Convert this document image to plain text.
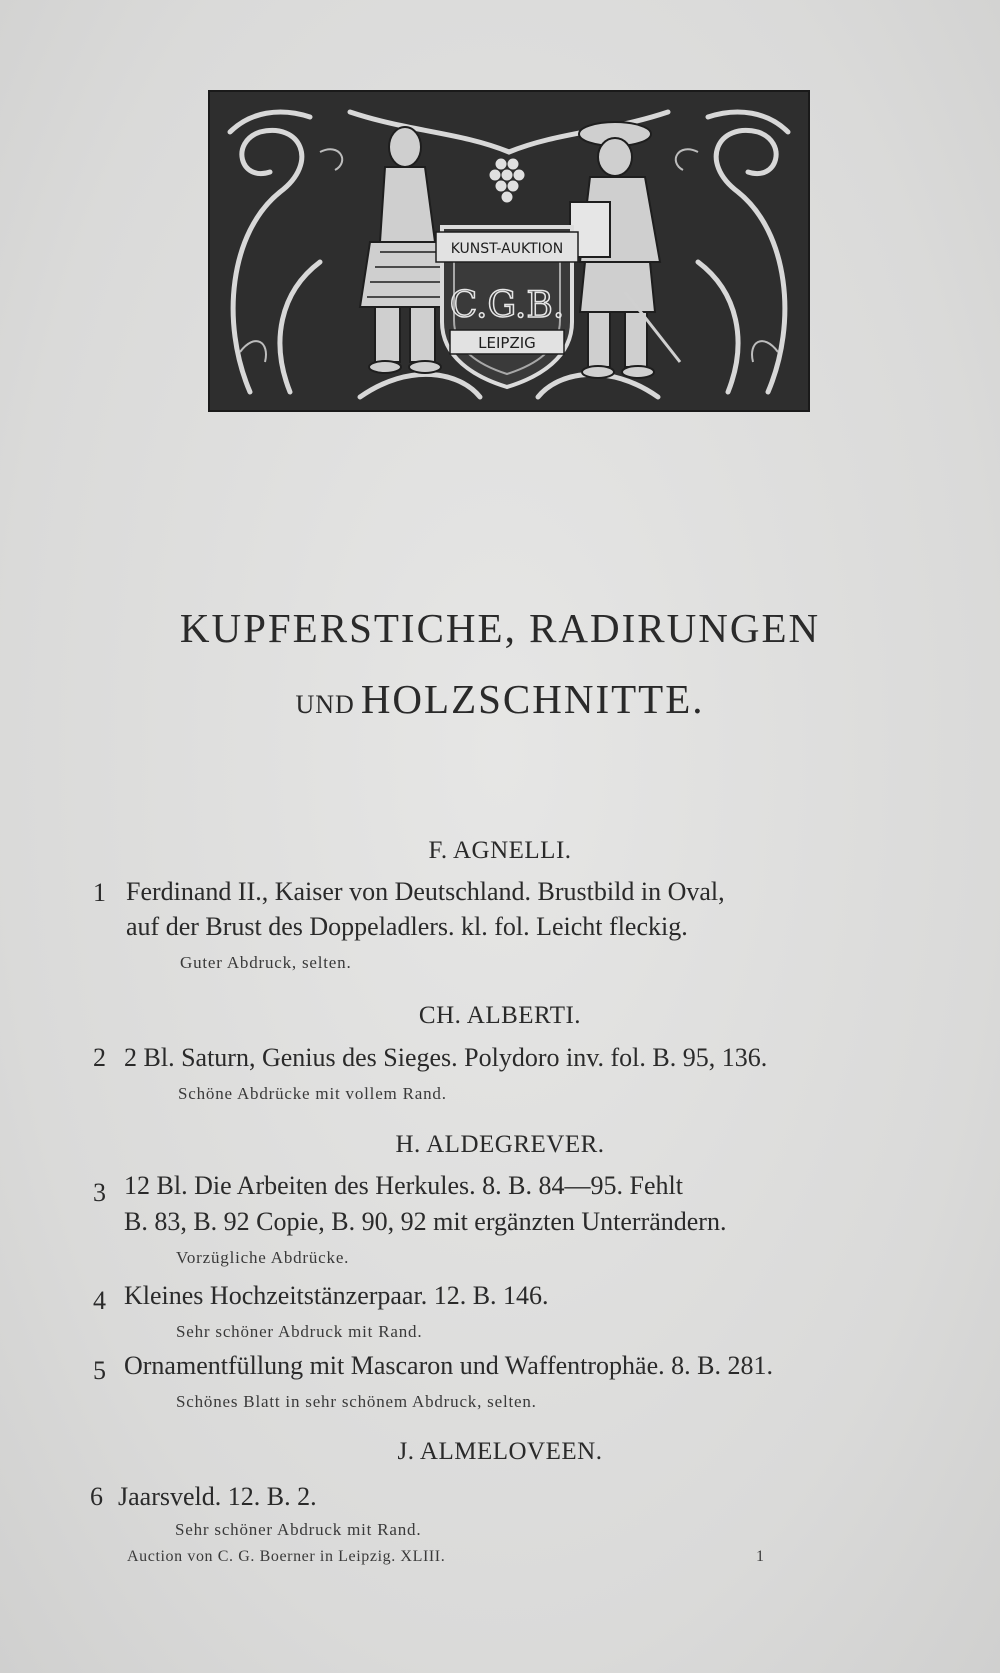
KUNST-AUKTION
C.G.B.
LEIPZIG
KUPFERSTICHE, RADIRUNGEN
UND HOLZSCHNITTE.
F. AGNELLI.
1 Ferdinand II., Kaiser von Deutschland. Brustbild in Oval,
auf der Brust des Doppeladlers. kl. fol. Leicht fleckig.
Guter Abdruck, selten.
CH. ALBERTI.
2 2 Bl. Saturn, Genius des Sieges. Polydoro inv. fol. B. 95, 136.
Schöne Abdrücke mit vollem Rand.
H. ALDEGREVER.
3 12 Bl. Die Arbeiten des Herkules. 8. B. 84—95. Fehlt
B. 83, B. 92 Copie, B. 90, 92 mit ergänzten Unterrändern.
Vorzügliche Abdrücke.
4 Kleines Hochzeitstänzerpaar. 12. B. 146.
Sehr schöner Abdruck mit Rand.
5 Ornamentfüllung mit Mascaron und Waffentrophäe. 8. B. 281.
Schönes Blatt in sehr schönem Abdruck, selten.
J. ALMELOVEEN.
6 Jaarsveld. 12. B. 2.
Sehr schöner Abdruck mit Rand.
Auction von C. G. Boerner in Leipzig. XLIII.	1
